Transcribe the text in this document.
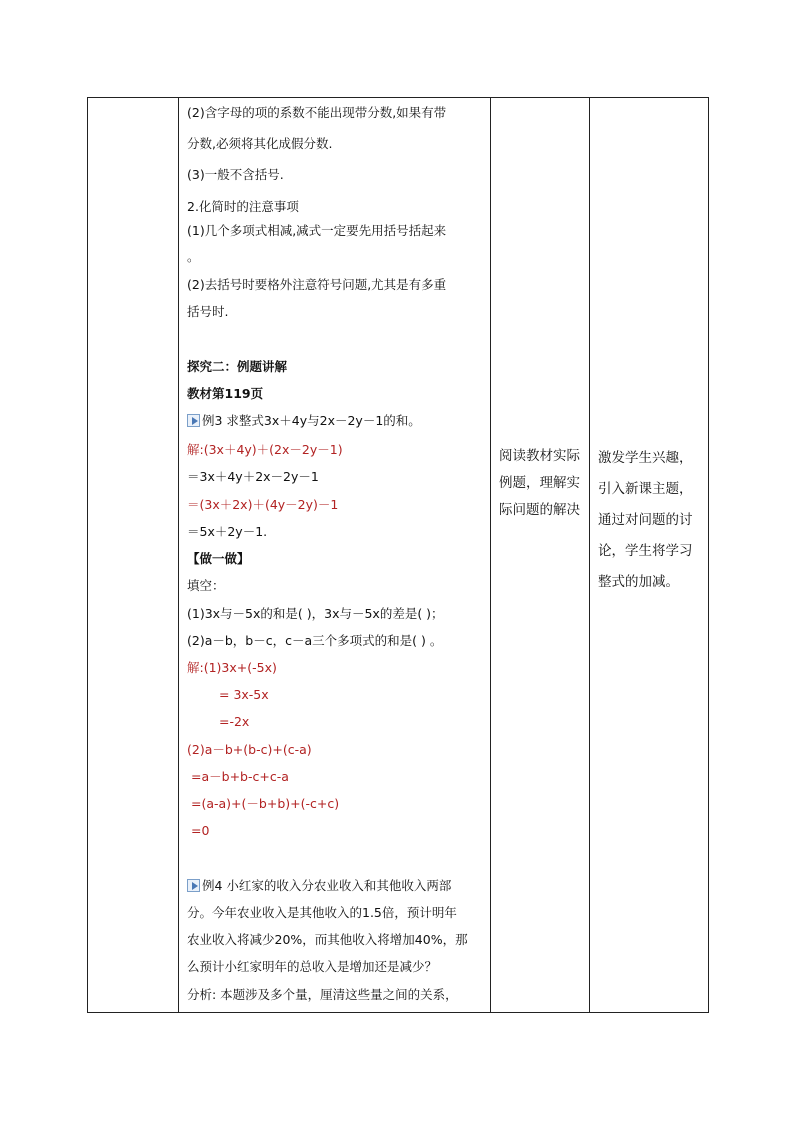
(2)含字母的项的系数不能出现带分数,如果有带
分数,必须将其化成假分数.
(3)一般不含括号.
2.化简时的注意事项
(1)几个多项式相减,减式一定要先用括号括起来
。
(2)去括号时要格外注意符号问题,尤其是有多重
括号时.
探究二：例题讲解
教材第119页
例3 求整式3x＋4y与2x－2y－1的和。
解:(3x＋4y)＋(2x－2y－1)
＝3x＋4y＋2x－2y－1
＝(3x＋2x)＋(4y－2y)－1
＝5x＋2y－1.
【做一做】
填空：
(1)3x与－5x的和是( )，3x与－5x的差是( )；
(2)a－b，b－c，c－a三个多项式的和是( ) 。
解:(1)3x+(-5x)
= 3x-5x
=-2x
(2)a－b+(b-c)+(c-a)
=a－b+b-c+c-a
=(a-a)+(－b+b)+(-c+c)
=0
例4 小红家的收入分农业收入和其他收入两部
分。今年农业收入是其他收入的1.5倍，预计明年
农业收入将减少20%，而其他收入将增加40%，那
么预计小红家明年的总收入是增加还是减少？
分析: 本题涉及多个量，厘清这些量之间的关系，

阅读教材实际
例题，理解实
际问题的解决

激发学生兴趣，
引入新课主题，
通过对问题的讨
论，学生将学习
整式的加减。
